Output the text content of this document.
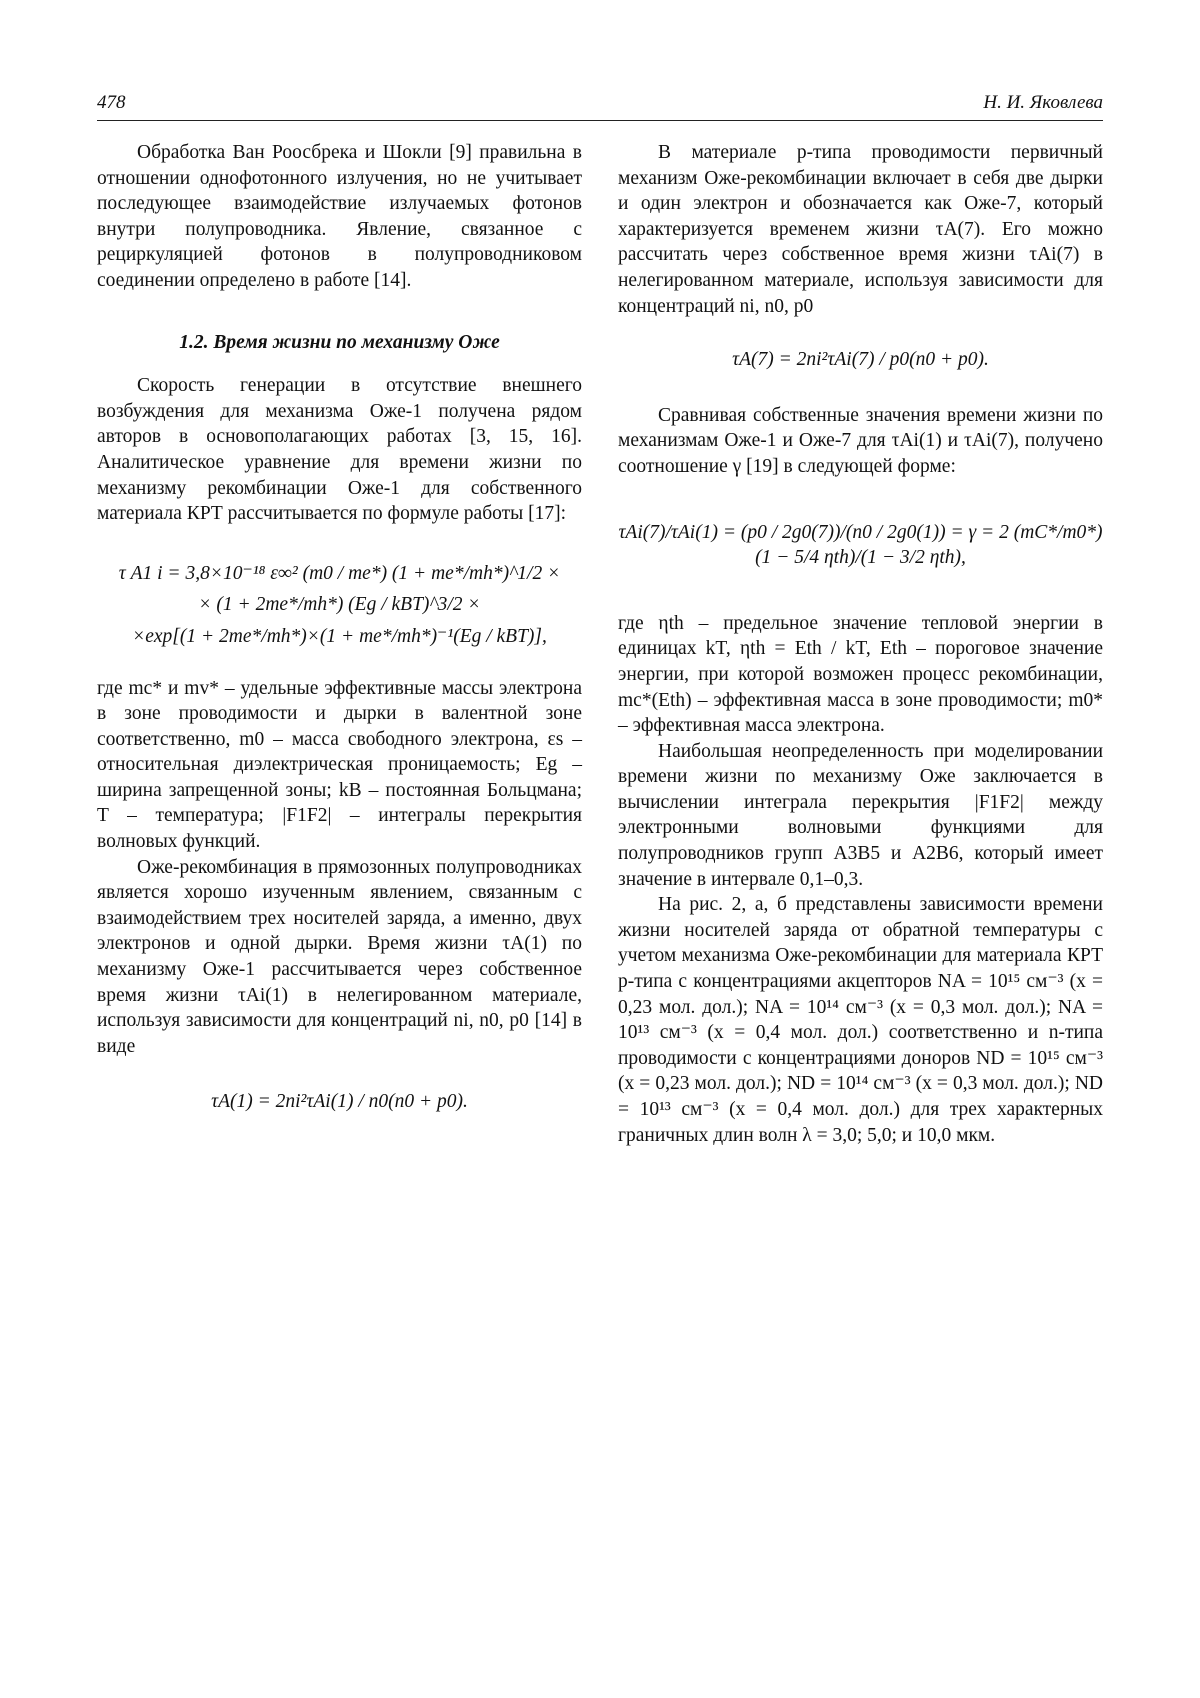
478	Н. И. Яковлева

Обработка Ван Роосбрека и Шокли [9] правильна в отношении однофотонного излучения, но не учитывает последующее взаимодействие излучаемых фотонов внутри полупроводника. Явление, связанное с рециркуляцией фотонов в полупроводниковом соединении определено в работе [14].

1.2. Время жизни по механизму Оже

Скорость генерации в отсутствие внешнего возбуждения для механизма Оже-1 получена рядом авторов в основополагающих работах [3, 15, 16]. Аналитическое уравнение для времени жизни по механизму рекомбинации Оже-1 для собственного материала КРТ рассчитывается по формуле работы [17]:

τ A1 i = 3,8×10⁻¹⁸ ε∞² (m0 / me*) (1 + me*/mh*)^1/2 ×
× (1 + 2me*/mh*) (Eg / kBT)^3/2 ×
×exp[(1 + 2me*/mh*)×(1 + me*/mh*)⁻¹(Eg / kBT)],

где mc* и mv* – удельные эффективные массы электрона в зоне проводимости и дырки в валентной зоне соответственно, m0 – масса свободного электрона, εs – относительная диэлектрическая проницаемость; Eg – ширина запрещенной зоны; kB – постоянная Больцмана; T – температура; |F1F2| – интегралы перекрытия волновых функций.

Оже-рекомбинация в прямозонных полупроводниках является хорошо изученным явлением, связанным с взаимодействием трех носителей заряда, а именно, двух электронов и одной дырки. Время жизни τA(1) по механизму Оже-1 рассчитывается через собственное время жизни τAi(1) в нелегированном материале, используя зависимости для концентраций ni, n0, p0 [14] в виде

τA(1) = 2ni²τAi(1) / n0(n0 + p0).

В материале p-типа проводимости первичный механизм Оже-рекомбинации включает в себя две дырки и один электрон и обозначается как Оже-7, который характеризуется временем жизни τA(7). Его можно рассчитать через собственное время жизни τAi(7) в нелегированном материале, используя зависимости для концентраций ni, n0, p0

τA(7) = 2ni²τAi(7) / p0(n0 + p0).

Сравнивая собственные значения времени жизни по механизмам Оже-1 и Оже-7 для τAi(1) и τAi(7), получено соотношение γ [19] в следующей форме:

τAi(7)/τAi(1) = (p0 / 2g0(7))/(n0 / 2g0(1)) = γ = 2 (mC*/m0*) (1 − 5/4 ηth)/(1 − 3/2 ηth),

где ηth – предельное значение тепловой энергии в единицах kT, ηth = Eth / kT, Eth – пороговое значение энергии, при которой возможен процесс рекомбинации, mc*(Eth) – эффективная масса в зоне проводимости; m0* – эффективная масса электрона.

Наибольшая неопределенность при моделировании времени жизни по механизму Оже заключается в вычислении интеграла перекрытия |F1F2| между электронными волновыми функциями для полупроводников групп A3B5 и A2B6, который имеет значение в интервале 0,1–0,3.

На рис. 2, а, б представлены зависимости времени жизни носителей заряда от обратной температуры с учетом механизма Оже-рекомбинации для материала КРТ p-типа с концентрациями акцепторов NA = 10¹⁵ см⁻³ (x = 0,23 мол. дол.); NA = 10¹⁴ см⁻³ (x = 0,3 мол. дол.); NA = 10¹³ см⁻³ (x = 0,4 мол. дол.) соответственно и n-типа проводимости с концентрациями доноров ND = 10¹⁵ см⁻³ (x = 0,23 мол. дол.); ND = 10¹⁴ см⁻³ (x = 0,3 мол. дол.); ND = 10¹³ см⁻³ (x = 0,4 мол. дол.) для трех характерных граничных длин волн λ = 3,0; 5,0; и 10,0 мкм.
